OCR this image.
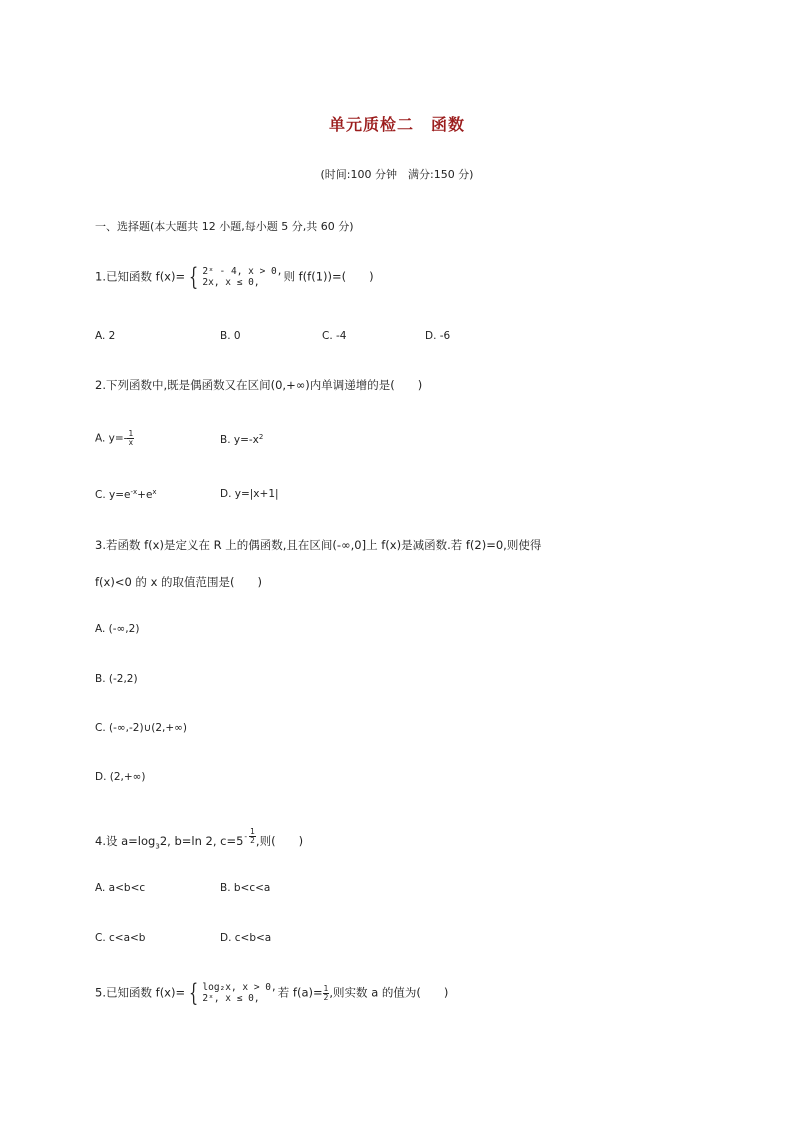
单元质检二　函数
(时间:100 分钟　满分:150 分)
一、选择题(本大题共 12 小题,每小题 5 分,共 60 分)
1.已知函数 f(x)= { 2ˣ - 4, x > 0,
2x, x ≤ 0,	则 f(f(1))=(　　)
A. 2	B. 0	C. -4	D. -6
2.下列函数中,既是偶函数又在区间(0,+∞)内单调递增的是(　　)
A. $y=- \frac{1}{x}$	B. $y=-x^2$
C. $y=e^{-x}+e^x$	D. y=|x+1|
3.若函数 f(x)是定义在 R 上的偶函数,且在区间(-∞,0]上 f(x)是减函数.若 f(2)=0,则使得
f(x)<0 的 x 的取值范围是(　　)
A. (-∞,2)
B. (-2,2)
C. (-∞,-2)∪(2,+∞)
D. (2,+∞)
4.设 $a=\log_32$, b=ln 2, $c=5 - \frac{1}{2}$ ,则(　　)
A. a<b<c	B. b<c<a
C. c<a<b	D. c<b<a
5.已知函数 f(x)= { log₂x, x > 0,
2ˣ, x ≤ 0,	若 $f(a)= \frac{1}{2}$ ,则实数 a 的值为(　　)
